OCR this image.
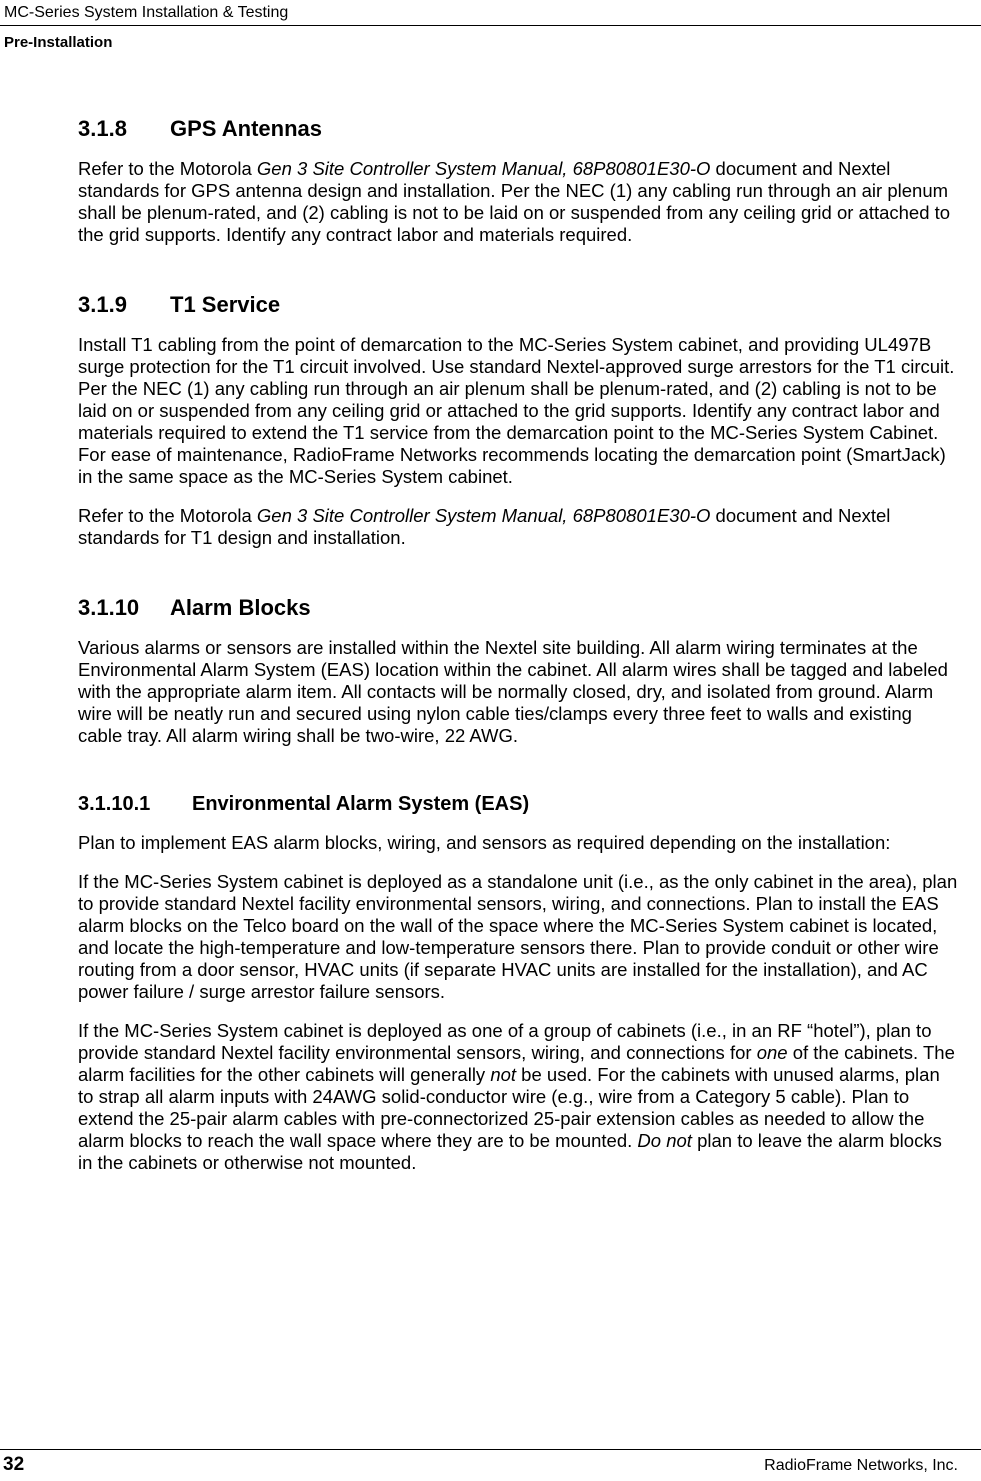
MC-Series System Installation & Testing
Pre-Installation
3.1.8 GPS Antennas

Refer to the Motorola Gen 3 Site Controller System Manual, 68P80801E30-O document and Nextel standards for GPS antenna design and installation. Per the NEC (1) any cabling run through an air plenum shall be plenum-rated, and (2) cabling is not to be laid on or suspended from any ceiling grid or attached to the grid supports. Identify any contract labor and materials required.

3.1.9 T1 Service

Install T1 cabling from the point of demarcation to the MC-Series System cabinet, and providing UL497B surge protection for the T1 circuit involved. Use standard Nextel-approved surge arrestors for the T1 circuit. Per the NEC (1) any cabling run through an air plenum shall be plenum-rated, and (2) cabling is not to be laid on or suspended from any ceiling grid or attached to the grid supports. Identify any contract labor and materials required to extend the T1 service from the demarcation point to the MC-Series System Cabinet. For ease of maintenance, RadioFrame Networks recommends locating the demarcation point (SmartJack) in the same space as the MC-Series System cabinet.

Refer to the Motorola Gen 3 Site Controller System Manual, 68P80801E30-O document and Nextel standards for T1 design and installation.

3.1.10 Alarm Blocks

Various alarms or sensors are installed within the Nextel site building. All alarm wiring terminates at the Environmental Alarm System (EAS) location within the cabinet. All alarm wires shall be tagged and labeled with the appropriate alarm item. All contacts will be normally closed, dry, and isolated from ground. Alarm wire will be neatly run and secured using nylon cable ties/clamps every three feet to walls and existing cable tray. All alarm wiring shall be two-wire, 22 AWG.

3.1.10.1 Environmental Alarm System (EAS)

Plan to implement EAS alarm blocks, wiring, and sensors as required depending on the installation:

If the MC-Series System cabinet is deployed as a standalone unit (i.e., as the only cabinet in the area), plan to provide standard Nextel facility environmental sensors, wiring, and connections. Plan to install the EAS alarm blocks on the Telco board on the wall of the space where the MC-Series System cabinet is located, and locate the high-temperature and low-temperature sensors there. Plan to provide conduit or other wire routing from a door sensor, HVAC units (if separate HVAC units are installed for the installation), and AC power failure / surge arrestor failure sensors.

If the MC-Series System cabinet is deployed as one of a group of cabinets (i.e., in an RF “hotel”), plan to provide standard Nextel facility environmental sensors, wiring, and connections for one of the cabinets. The alarm facilities for the other cabinets will generally not be used. For the cabinets with unused alarms, plan to strap all alarm inputs with 24AWG solid-conductor wire (e.g., wire from a Category 5 cable). Plan to extend the 25-pair alarm cables with pre-connectorized 25-pair extension cables as needed to allow the alarm blocks to reach the wall space where they are to be mounted. Do not plan to leave the alarm blocks in the cabinets or otherwise not mounted.

32	RadioFrame Networks, Inc.
